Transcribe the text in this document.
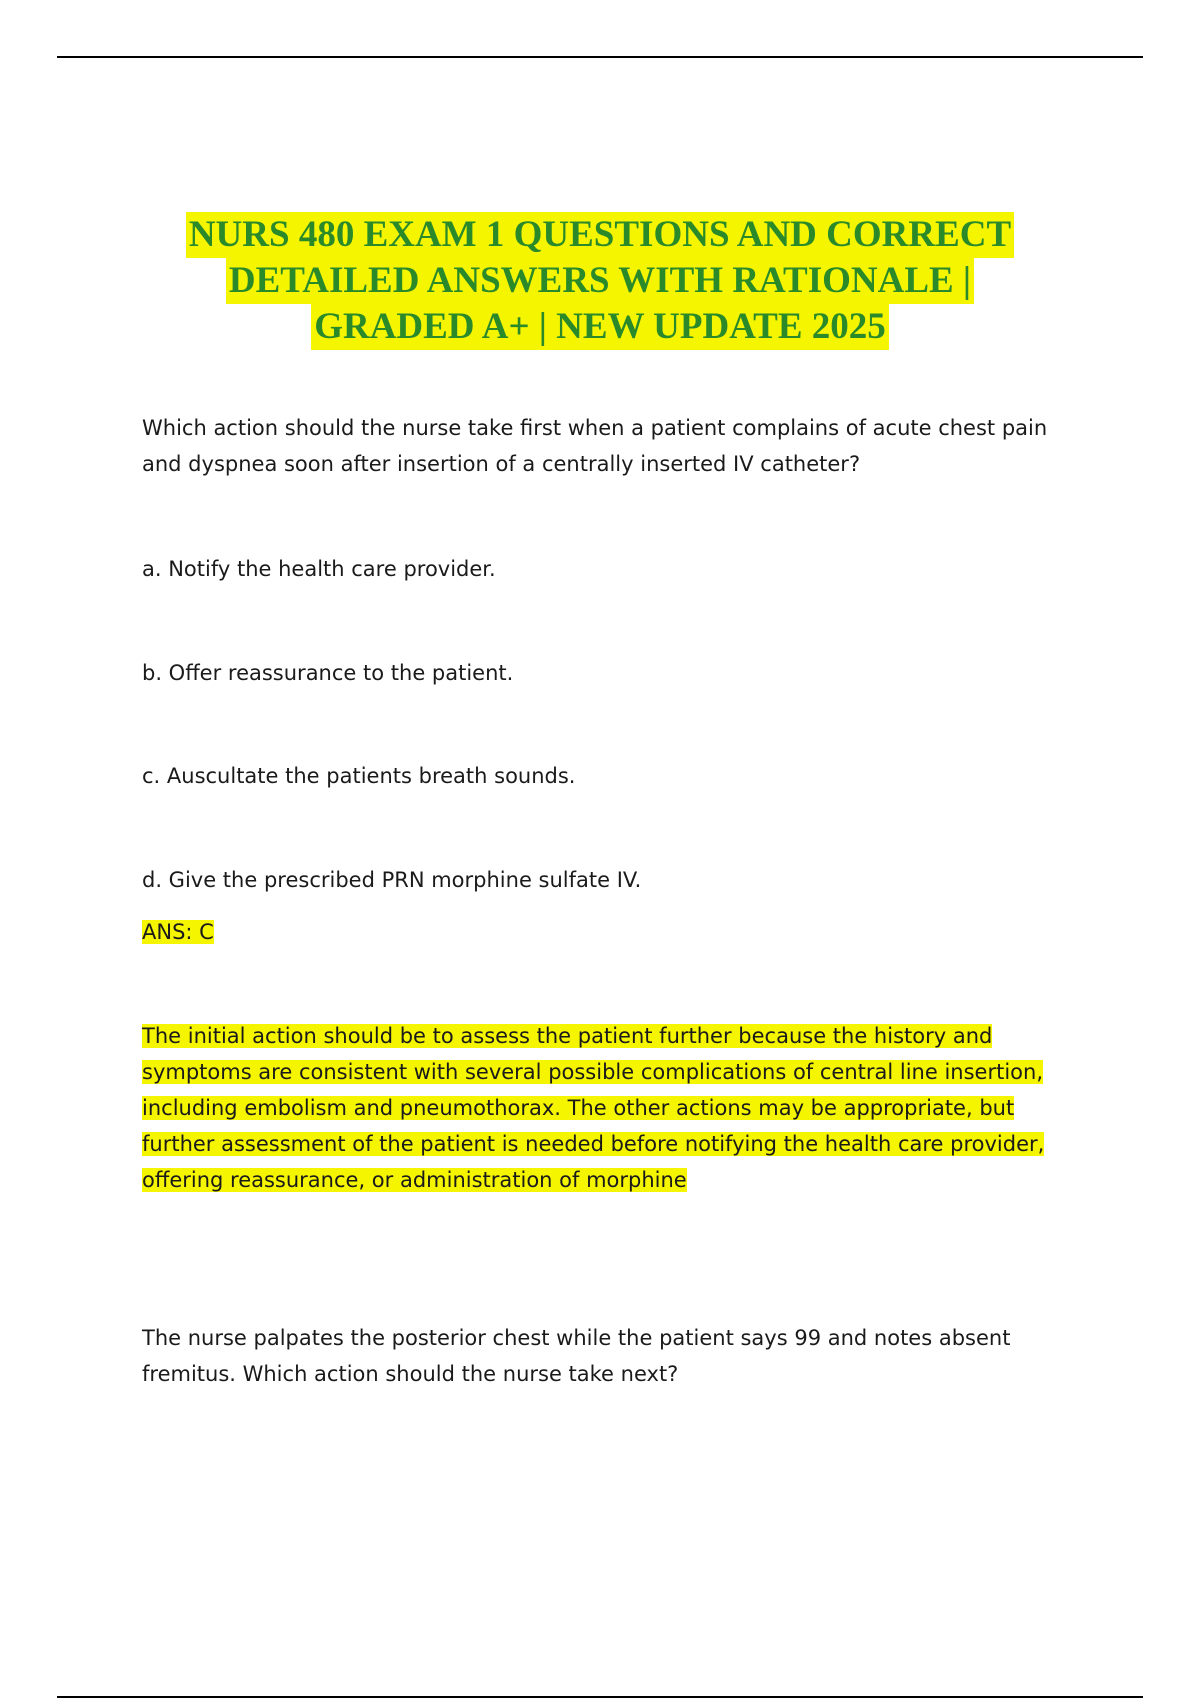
NURS 480 EXAM 1 QUESTIONS AND CORRECT
DETAILED ANSWERS WITH RATIONALE |
GRADED A+ | NEW UPDATE 2025

Which action should the nurse take first when a patient complains of acute chest pain and dyspnea soon after insertion of a centrally inserted IV catheter?

a. Notify the health care provider.

b. Offer reassurance to the patient.

c. Auscultate the patients breath sounds.

d. Give the prescribed PRN morphine sulfate IV.

ANS: C

The initial action should be to assess the patient further because the history and symptoms are consistent with several possible complications of central line insertion, including embolism and pneumothorax. The other actions may be appropriate, but further assessment of the patient is needed before notifying the health care provider, offering reassurance, or administration of morphine

The nurse palpates the posterior chest while the patient says 99 and notes absent fremitus. Which action should the nurse take next?
